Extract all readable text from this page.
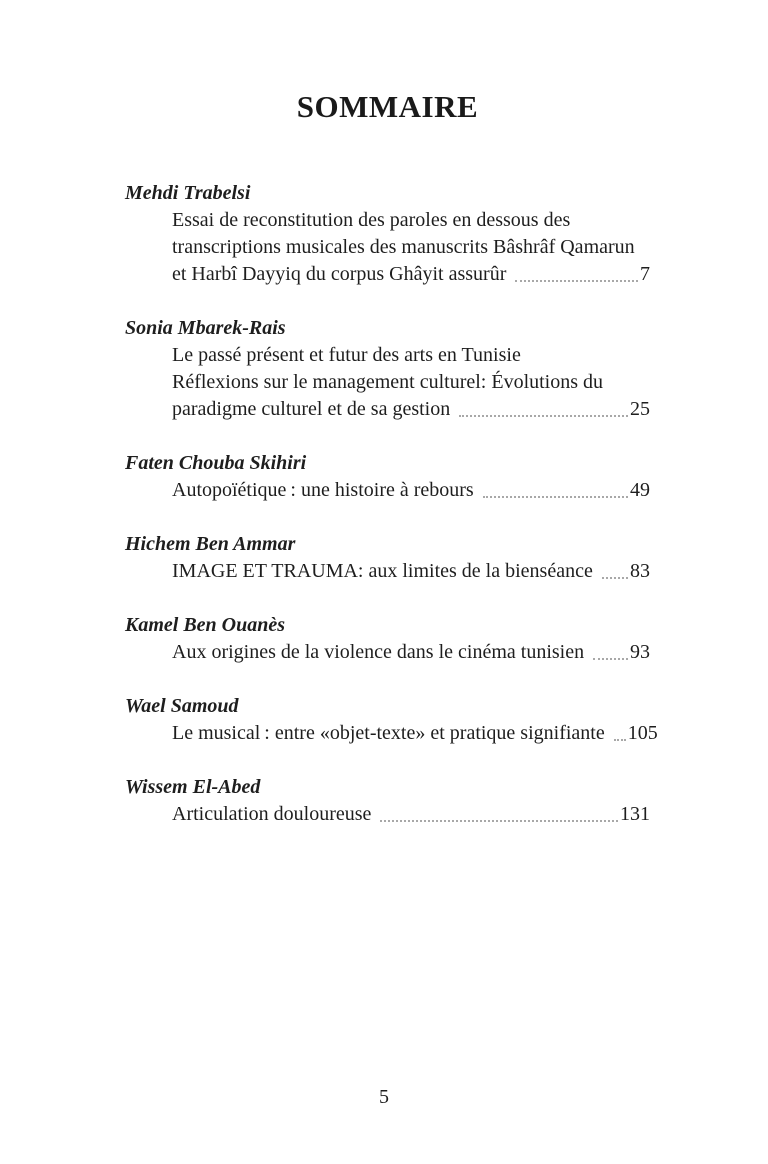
SOMMAIRE
Mehdi Trabelsi
Essai de reconstitution des paroles en dessous des
transcriptions musicales des manuscrits Bâshrâf Qamarun
et Harbî Dayyiq du corpus Ghâyit assurûr	7
Sonia Mbarek-Rais
Le passé présent et futur des arts en Tunisie
Réflexions sur le management culturel: Évolutions du
paradigme culturel et de sa gestion	25
Faten Chouba Skihiri
Autopoïétique : une histoire à rebours	49
Hichem Ben Ammar
IMAGE ET TRAUMA: aux limites de la bienséance 83
Kamel Ben Ouanès
Aux origines de la violence dans le cinéma tunisien 93
Wael Samoud
Le musical : entre «objet-texte» et pratique signifiante 105
Wissem El-Abed
Articulation douloureuse	131
5
